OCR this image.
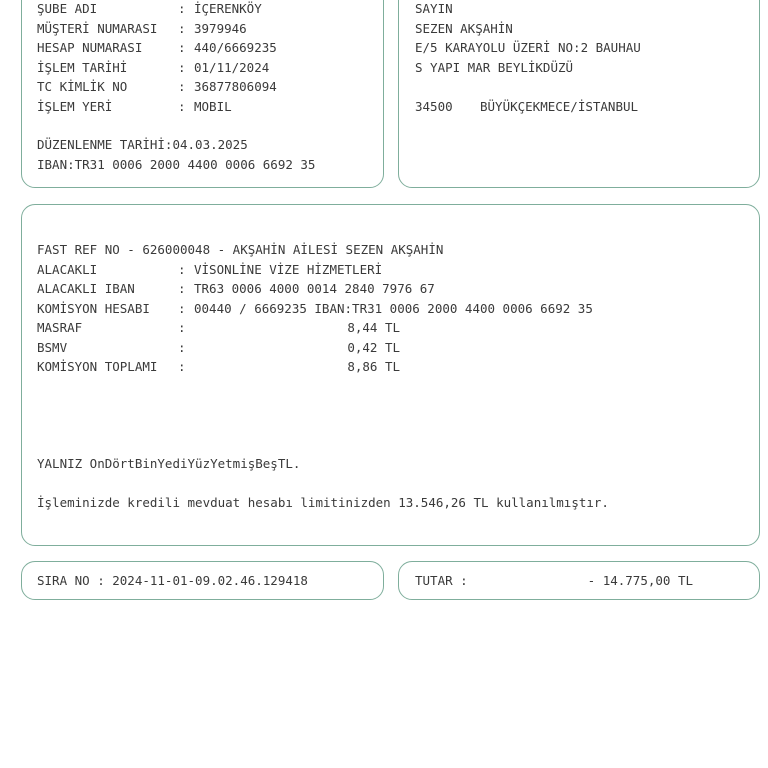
ŞUBE ADI	: İÇERENKÖY
MÜŞTERİ NUMARASI : 3979946
HESAP NUMARASI	: 440/6669235
İŞLEM TARİHİ	: 01/11/2024
TC KİMLİK NO	: 36877806094
İŞLEM YERİ	: MOBIL
DÜZENLENME TARİHİ:04.03.2025
IBAN:TR31 0006 2000 4400 0006 6692 35
SAYIN
SEZEN AKŞAHİN
E/5 KARAYOLU ÜZERİ NO:2 BAUHAU
S YAPI MAR BEYLİKDÜZÜ
34500 BÜYÜKÇEKMECE/İSTANBUL
FAST REF NO - 626000048 - AKŞAHİN AİLESİ SEZEN AKŞAHİN
ALACAKLI	: VİSONLİNE VİZE HİZMETLERİ
ALACAKLI IBAN	: TR63 0006 4000 0014 2840 7976 67
KOMİSYON HESABI : 00440 / 6669235 IBAN:TR31 0006 2000 4400 0006 6692 35
MASRAF	:	8,44 TL
BSMV	:	0,42 TL
KOMİSYON TOPLAMI :	8,86 TL
YALNIZ OnDörtBinYediYüzYetmişBeşTL.
İşleminizde kredili mevduat hesabı limitinizden 13.546,26 TL kullanılmıştır.
SIRA NO : 2024-11-01-09.02.46.129418	TUTAR :	- 14.775,00 TL
